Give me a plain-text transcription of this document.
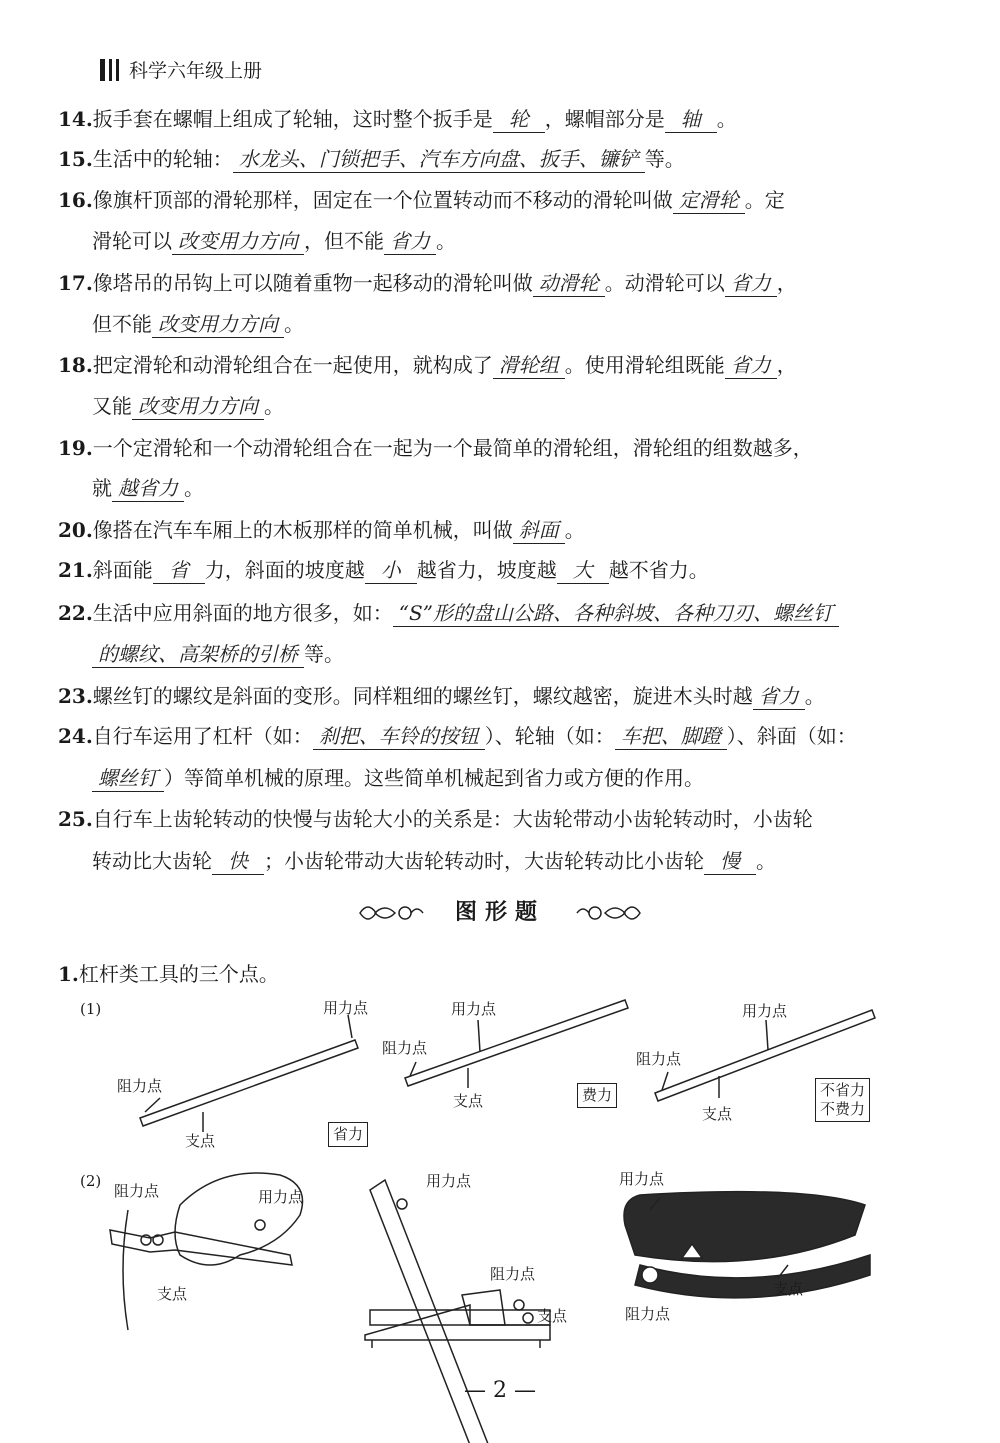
科学六年级上册
14.扳手套在螺帽上组成了轮轴，这时整个扳手是 轮 ，螺帽部分是 轴 。
15.生活中的轮轴： 水龙头、门锁把手、汽车方向盘、扳手、镰铲 等。
16.像旗杆顶部的滑轮那样，固定在一个位置转动而不移动的滑轮叫做 定滑轮 。定
滑轮可以 改变用力方向 ，但不能 省力 。
17.像塔吊的吊钩上可以随着重物一起移动的滑轮叫做 动滑轮 。动滑轮可以 省力 ，
但不能 改变用力方向 。
18.把定滑轮和动滑轮组合在一起使用，就构成了 滑轮组 。使用滑轮组既能 省力 ，
又能 改变用力方向 。
19.一个定滑轮和一个动滑轮组合在一起为一个最简单的滑轮组，滑轮组的组数越多，
就 越省力 。
20.像搭在汽车车厢上的木板那样的简单机械，叫做 斜面 。
21.斜面能 省 力，斜面的坡度越 小 越省力，坡度越 大 越不省力。
22.生活中应用斜面的地方很多，如： “S”形的盘山公路、各种斜坡、各种刀刃、螺丝钉
的螺纹、高架桥的引桥 等。
23.螺丝钉的螺纹是斜面的变形。同样粗细的螺丝钉，螺纹越密，旋进木头时越 省力 。
24.自行车运用了杠杆（如： 刹把、车铃的按钮 ）、轮轴（如： 车把、脚蹬 ）、斜面（如：
螺丝钉 ）等简单机械的原理。这些简单机械起到省力或方便的作用。
25.自行车上齿轮转动的快慢与齿轮大小的关系是：大齿轮带动小齿轮转动时，小齿轮
转动比大齿轮 快 ；小齿轮带动大齿轮转动时，大齿轮转动比小齿轮 慢 。
图形题
1.杠杆类工具的三个点。
(1)	用力点
阻力点
支点	省力
用力点
阻力点
支点	费力
用力点
阻力点
支点
不省力
不费力
(2)
阻力点	用力点
支点
用力点
阻力点
支点
用力点
支点
阻力点
— 2 —
